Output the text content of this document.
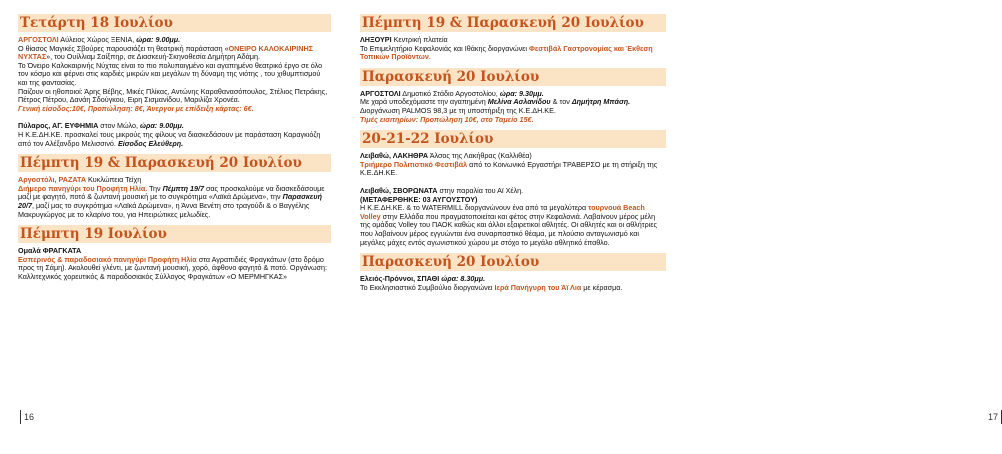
Τετάρτη 18 Ιουλίου

ΑΡΓΟΣΤΟΛΙ Αύλειος Χώρος ΞΕΝΙΑ, ώρα: 9.00μμ.

Ο θίασος Μαγικές Σβούρες παρουσιάζει τη θεατρική παράσταση «ΟΝΕΙΡΟ ΚΑΛΟΚΑΙΡΙΝΗΣ ΝΥΧΤΑΣ», του Ουίλλιαμ Σαίξπηρ, σε Διασκευή-Σκηνοθεσία Δημήτρη Αδάμη.

Το Όνειρο Καλοκαιρινής Νύχτας είναι το πιο πολυπαιγμένο και αγαπημένο θεατρικό έργο σε όλο τον κόσμο και φέρνει στις καρδιές μικρών και μεγάλων τη δύναμη της νιότης , του χιθυμπτισμού και της φαντασίας.

Παίζουν οι ηθοποιοί: Άρης Βέβης, Μικές Πλίκας, Αντώνης Καραθανασόπουλος, Στέλιος Πετράκης, Πέτρος Πέτρου, Δανάη Σδούγκου, Ειρη Σισμανίδου, Μαριλίζα Χρονέα.

Γενική είσοδος:10€, Προπώληση: 8€, Άνεργοι με επίδειξη κάρτας: 6€.

Πύλαρος, ΑΓ. ΕΥΦΗΜΙΑ στον Μώλο, ώρα: 9.00μμ.

Η Κ.Ε.ΔΗ.ΚΕ. προσκαλεί τους μικρούς της φίλους να διασκεδάσουν με παράσταση Καραγκιόζη από τον Αλέξανδρο Μελισσινό. Είσοδος Ελεύθερη.

Πέμπτη 19 & Παρασκευή 20 Ιουλίου

Αργοστόλι, ΡΑΖΑΤΑ Κυκλώπεια Τείχη

Διήμερο πανηγύρι του Προφήτη Ηλία. Την Πέμπτη 19/7 σας προσκαλούμε να διασκεδάσουμε μαζί με φαγητό, ποτό & ζωντανή μουσική με το συγκρότημα «Λαϊκά Δρώμενα», την Παρασκευή 20/7, μαζί μας το συγκρότημα «Λαϊκά Δρώμενα», η Άννα Βενέτη στο τραγούδι & ο Βαγγέλης Μακρυγιώργος με το κλαρίνο του, για Ηπειρώτικες μελωδίες.

Πέμπτη 19 Ιουλίου

Ομαλά ΦΡΑΓΚΑΤΑ

Εσπερινός & παραδοσιακό πανηγύρι Προφήτη Ηλία στα Αγραπιδιές Φραγκάτων (στο δρόμο προς τη Σάμη). Ακολουθεί γλέντι, με ζωντανή μουσική, χορό, άφθονο φαγητό & ποτό. Οργάνωση: Καλλιτεχνικός χορευτικός & παραδοσιακός Σύλλογος Φραγκάτων «Ο ΜΕΡΜΗΓΚΑΣ»

16
Πέμπτη 19 & Παρασκευή 20 Ιουλίου

ΛΗΞΟΥΡΙ Κεντρική πλατεία

Το Επιμελητήριο Κεφαλονιάς και Ιθάκης διοργανώνει Φεστιβάλ Γαστρονομίας και Έκθεση Τοπικών Προϊόντων.

Παρασκευή 20 Ιουλίου

ΑΡΓΟΣΤΟΛΙ Δημοτικό Στάδιο Αργοστολίου, ώρα: 9.30μμ.

Με χαρά υποδεχόμαστε την αγαπημένη Μελίνα Ασλανίδου & τον Δημήτρη Μπάση. Διοργάνωση PALMOS 98,3 με τη υποστήριξη της Κ.Ε.ΔΗ.ΚΕ.

Τιμές εισιτηρίων: Προπώληση 10€, στο Ταμείο 15€.

20-21-22 Ιουλίου

Λειβαθώ, ΛΑΚΗΘΡΑ Άλσος της Λακήθρας (Καλλιθέα)

Τριήμερο Πολιτιστικό Φεστιβάλ από το Κοινωνικό Εργαστήρι ΤΡΑΒΕΡΣΟ με τη στήριξη της Κ.Ε.ΔΗ.ΚΕ.

Λειβαθώ, ΣΒΟΡΩΝΑΤΑ στην παραλία του Αϊ Χέλη.

(ΜΕΤΑΦΕΡΘΗΚΕ: 03 ΑΥΓΟΥΣΤΟΥ)

Η Κ.Ε.ΔΗ.ΚΕ. & το WATERMILL διοργανώνουν ένα από τα μεγαλύτερα τουρνουά Beach Volley στην Ελλάδα που πραγματοποιείται και φέτος στην Κεφαλονιά. Λαβαίνουν μέρος μέλη της ομάδας Volley του ΠΑΟΚ καθώς και άλλοι εξαιρετικοί αθλητές. Οι αθλητές και οι αθλήτριες που λαβαίνουν μέρος εγγυώνται ένα συναρπαστικό θέαμα, με πλούσιο ανταγωνισμό και μεγάλες μάχες εντός αγωνιστικού χώρου με στόχο το μεγάλο αθλητικό έπαθλο.

Παρασκευή 20 Ιουλίου

Ελειός-Πρόννοι, ΣΠΑΘΙ ώρα: 8.30μμ.

Το Εκκλησιαστικό Συμβούλιο διοργανώνει Ιερά Πανήγυρη του Άϊ Λια με κέρασμα.

17
